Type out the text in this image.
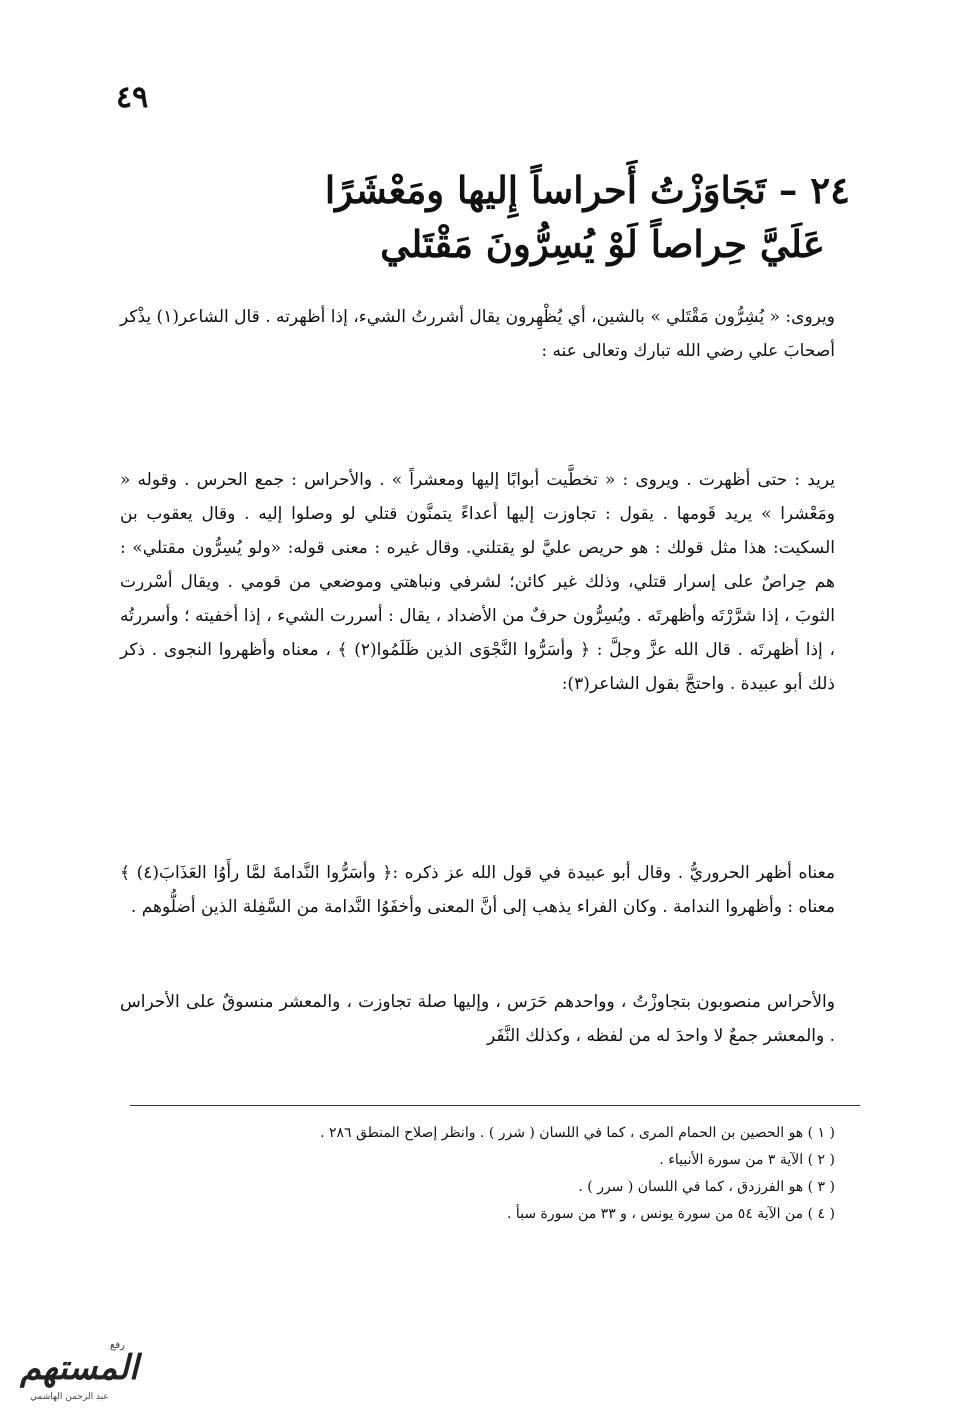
٤٩
٢٤ – تَجَاوَزْتُ أَحراساً إِليها ومَعْشَرًا
عَلَيَّ حِراصاً لَوْ يُسِرُّونَ مَقْتَلي

ويروى: « يُشِرُّون مَقْتَلي » بالشين، أي يُظْهِرون يقال أشررتُ الشيء، إذا أظهرته . قال الشاعر(١) يذْكر أصحابَ علي رضي الله تبارك وتعالى عنه :

يريد : حتى أظهرت . ويروى : « تخطَّيت أبوابًا إليها ومعشراً » . والأحراس : جمع الحرس . وقوله « ومَعْشرا » يريد قَومها . يقول : تجاوزت إليها أعداءً يتمنَّون قتلي لو وصلوا إليه . وقال يعقوب بن السكيت: هذا مثل قولك : هو حريص عليَّ لو يقتلني. وقال غيره : معنى قوله: «ولو يُسِرُّون مقتلي» : هم حِراصٌ على إسرار قتلي، وذلك غير كائن؛ لشرفي ونباهتي وموضعي من قومي . ويقال أسْررت الثوبَ ، إذا شرَّرْتَه وأظهرتَه . ويُسِرُّون حرفٌ من الأضداد ، يقال : أسررت الشيء ، إذا أخفيته ؛ وأسررتُه ، إذا أظهرتَه . قال الله عزَّ وجلَّ : ﴿ وأسَرُّوا النَّجْوَى الذين ظَلَمُوا(٢) ﴾ ، معناه وأظهروا النجوى . ذكر ذلك أبو عبيدة . واحتجَّ بقول الشاعر(٣):

معناه أظهر الحروريُّ . وقال أبو عبيدة في قول الله عز ذكره :﴿ وأسَرُّوا النَّدامةَ لمَّا رأَوُا العَذَابَ(٤) ﴾ معناه : وأظهروا الندامة . وكان الفراء يذهب إلى أنَّ المعنى وأخفَوُا النَّدامة من السَّفِلة الذين أضلُّوهم .

والأحراس منصوبون بتجاوزْتُ ، وواحدهم حَرَس ، وإليها صلة تجاوزت ، والمعشر منسوقٌ على الأحراس . والمعشر جمعٌ لا واحدَ له من لفظه ، وكذلك النَّفَر

( ١ ) هو الحصين بن الحمام المرى ، كما في اللسان ( شرر ) . وانظر إصلاح المنطق ٢٨٦ .
( ٢ ) الآية ٣ من سورة الأنبياء .
( ٣ ) هو الفرزدق ، كما في اللسان ( سرر ) .
( ٤ ) من الآية ٥٤ من سورة يونس ، و ٣٣ من سورة سبأ .
رفع
المستهم
عبد الرحمن الهاشمي
